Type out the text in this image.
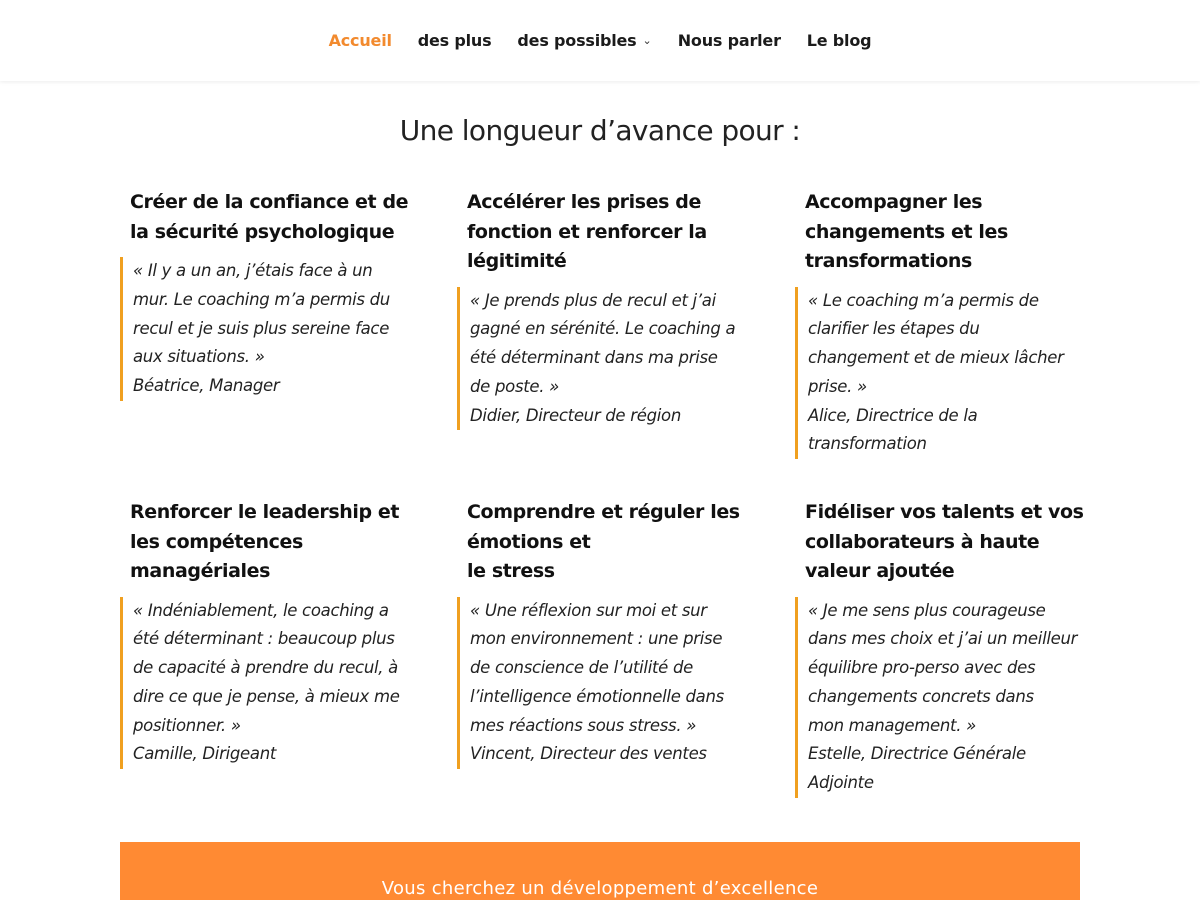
Accueil des plus des possibles ⌄ Nous parler Le blog
Une longueur d’avance pour :
Créer de la confiance et de
la sécurité psychologique

« Il y a un an, j’étais face à un
mur. Le coaching m’a permis du
recul et je suis plus sereine face
aux situations. »
Béatrice, Manager

Accélérer les prises de
fonction et renforcer la
légitimité

« Je prends plus de recul et j’ai
gagné en sérénité. Le coaching a
été déterminant dans ma prise
de poste. »
Didier, Directeur de région

Accompagner les
changements et les
transformations

« Le coaching m’a permis de
clarifier les étapes du
changement et de mieux lâcher
prise. »
Alice, Directrice de la
transformation

Renforcer le leadership et
les compétences
managériales

« Indéniablement, le coaching a
été déterminant : beaucoup plus
de capacité à prendre du recul, à
dire ce que je pense, à mieux me
positionner. »
Camille, Dirigeant

Comprendre et réguler les
émotions et
le stress

« Une réflexion sur moi et sur
mon environnement : une prise
de conscience de l’utilité de
l’intelligence émotionnelle dans
mes réactions sous stress. »
Vincent, Directeur des ventes

Fidéliser vos talents et vos
collaborateurs à haute
valeur ajoutée

« Je me sens plus courageuse
dans mes choix et j’ai un meilleur
équilibre pro-perso avec des
changements concrets dans
mon management. »
Estelle, Directrice Générale
Adjointe

Vous cherchez un développement d’excellence
